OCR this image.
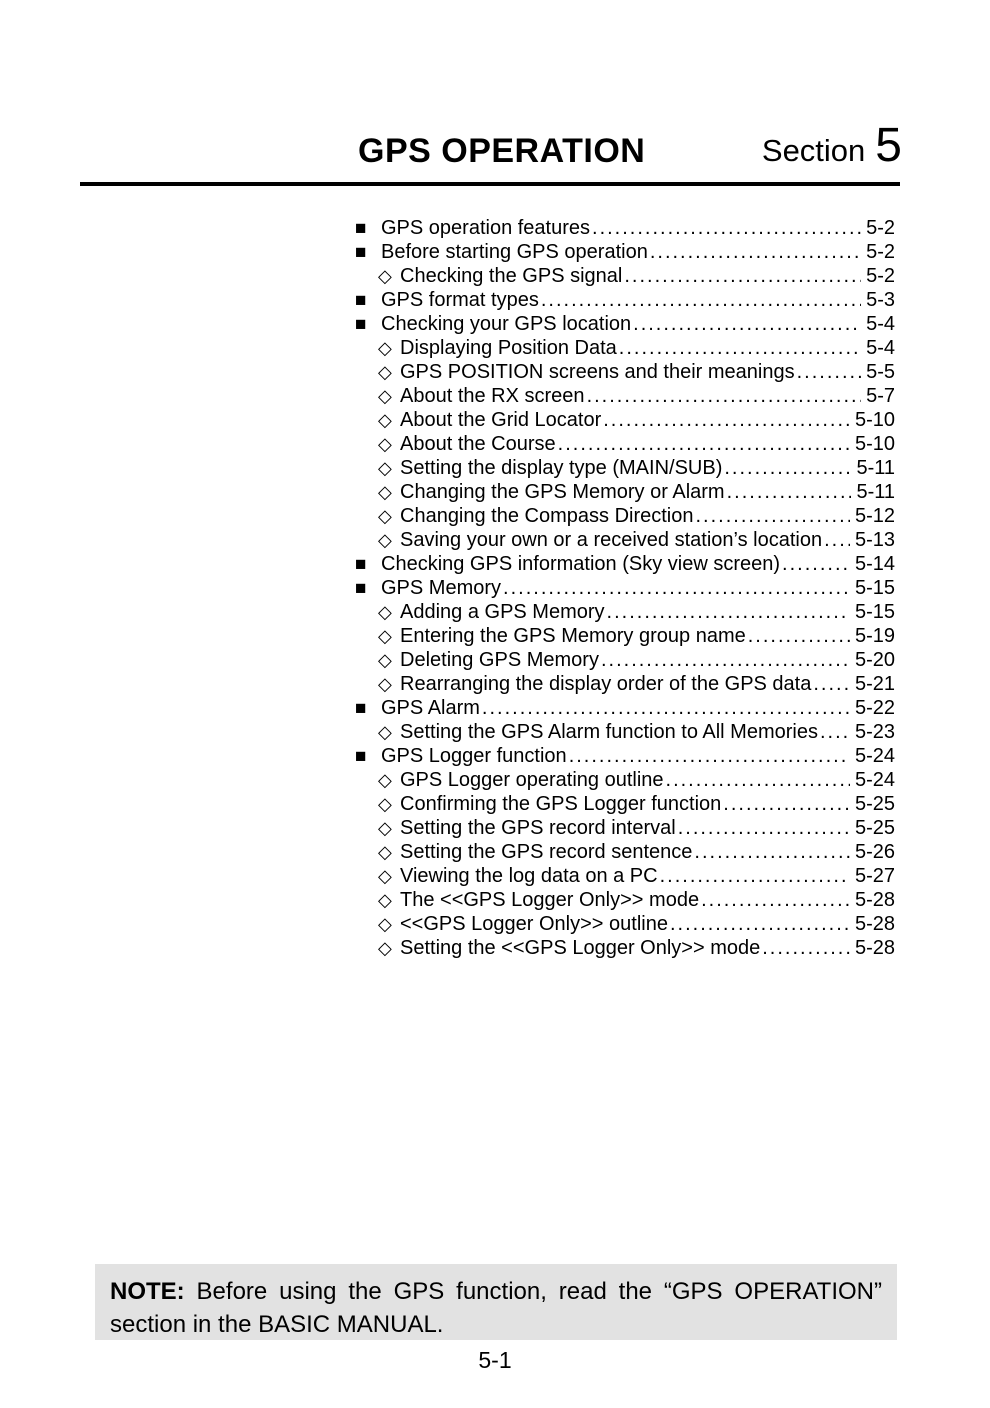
GPS OPERATION	Section 5
■ GPS operation features .....	5-2
■ Before starting GPS operation .....	5-2
◇ Checking the GPS signal .....	5-2
■ GPS format types .....	5-3
■ Checking your GPS location .....	5-4
◇ Displaying Position Data .....	5-4
◇ GPS POSITION screens and their meanings .....	5-5
◇ About the RX screen .....	5-7
◇ About the Grid Locator .....	5-10
◇ About the Course .....	5-10
◇ Setting the display type (MAIN/SUB) .....	5-11
◇ Changing the GPS Memory or Alarm .....	5-11
◇ Changing the Compass Direction .....	5-12
◇ Saving your own or a received station’s location ..... 5-13
■ Checking GPS information (Sky view screen) .....	5-14
■ GPS Memory .....	5-15
◇ Adding a GPS Memory .....	5-15
◇ Entering the GPS Memory group name .....	5-19
◇ Deleting GPS Memory .....	5-20
◇ Rearranging the display order of the GPS data ..... 5-21
■ GPS Alarm .....	5-22
◇ Setting the GPS Alarm function to All Memories ..... 5-23
■ GPS Logger function .....	5-24
◇ GPS Logger operating outline .....	5-24
◇ Confirming the GPS Logger function .....	5-25
◇ Setting the GPS record interval .....	5-25
◇ Setting the GPS record sentence .....	5-26
◇ Viewing the log data on a PC .....	5-27
◇ The <<GPS Logger Only>> mode .....	5-28
◇ <<GPS Logger Only>> outline .....	5-28
◇ Setting the <<GPS Logger Only>> mode .....	5-28
NOTE: Before using the GPS function, read the “GPS OPERATION”
section in the BASIC MANUAL.
5-1
